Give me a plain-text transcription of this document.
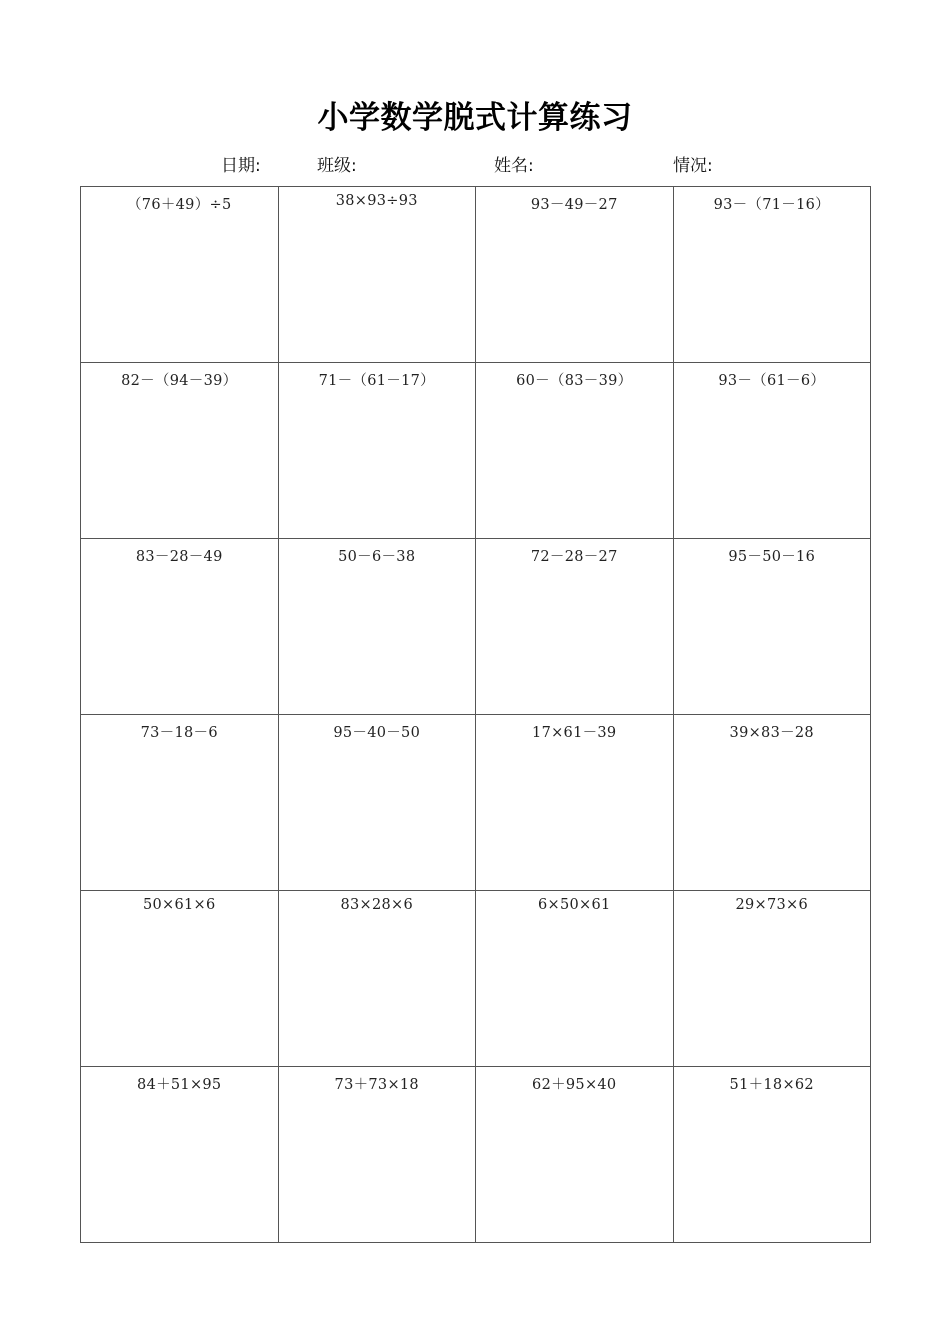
小学数学脱式计算练习
日期:	班级:	姓名:	情况:
（76＋49）÷5	38×93÷93	93－49－27	93－（71－16）

82－（94－39）	71－（61－17）	60－（83－39）	93－（61－6）

83－28－49	50－6－38	72－28－27	95－50－16

73－18－6	95－40－50	17×61－39	39×83－28

50×61×6	83×28×6	6×50×61	29×73×6

84＋51×95	73＋73×18	62＋95×40	51＋18×62
